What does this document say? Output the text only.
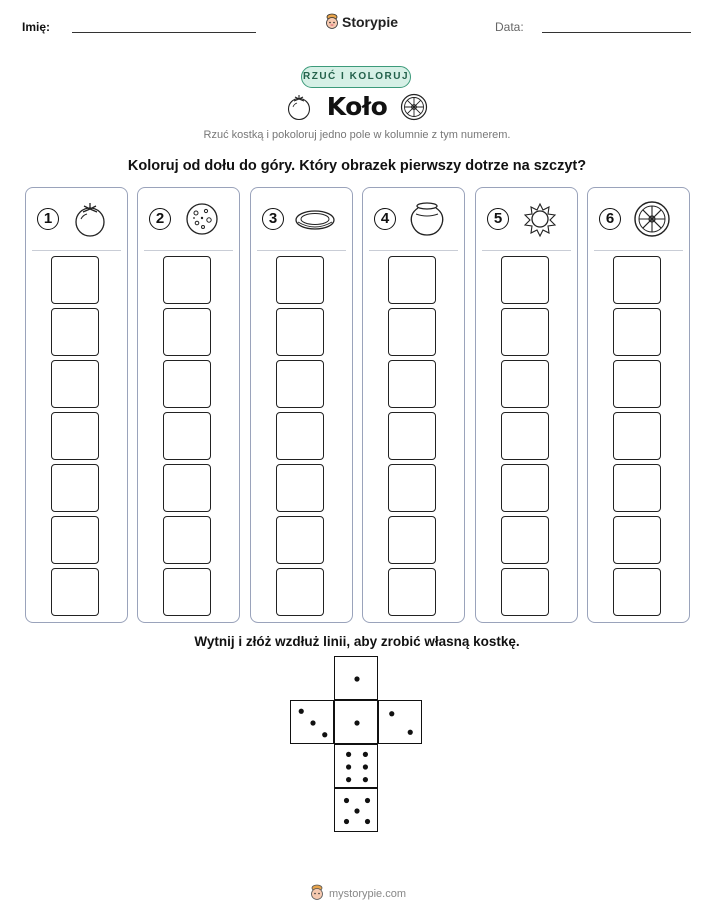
Imię:	Storypie	Data:
RZUĆ I KOLORUJ
Koło
Rzuć kostką i pokoloruj jedno pole w kolumnie z tym numerem.
Koloruj od dołu do góry. Który obrazek pierwszy dotrze na szczyt?
1	2	3	4	5	6
Wytnij i złóż wzdłuż linii, aby zrobić własną kostkę.
mystorypie.com
